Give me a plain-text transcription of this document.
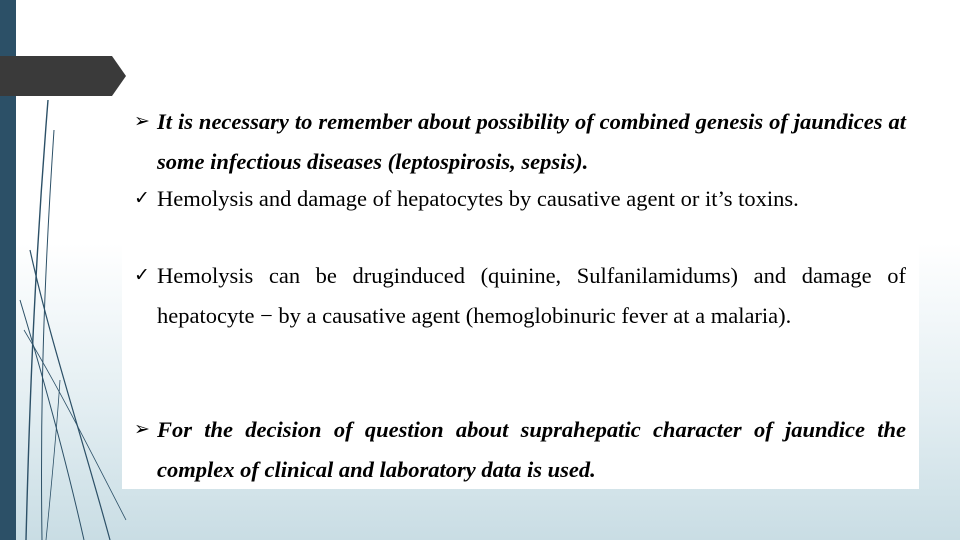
➢ It is necessary to remember about possibility of combined genesis of jaundices at some infectious diseases (leptospirosis, sepsis).
✓ Hemolysis and damage of hepatocytes by causative agent or it’s toxins.
✓ Hemolysis can be druginduced (quinine, Sulfanilamidums) and damage of hepatocyte − by a causative agent (hemoglobinuric fever at a malaria).
➢ For the decision of question about suprahepatic character of jaundice the complex of clinical and laboratory data is used.
